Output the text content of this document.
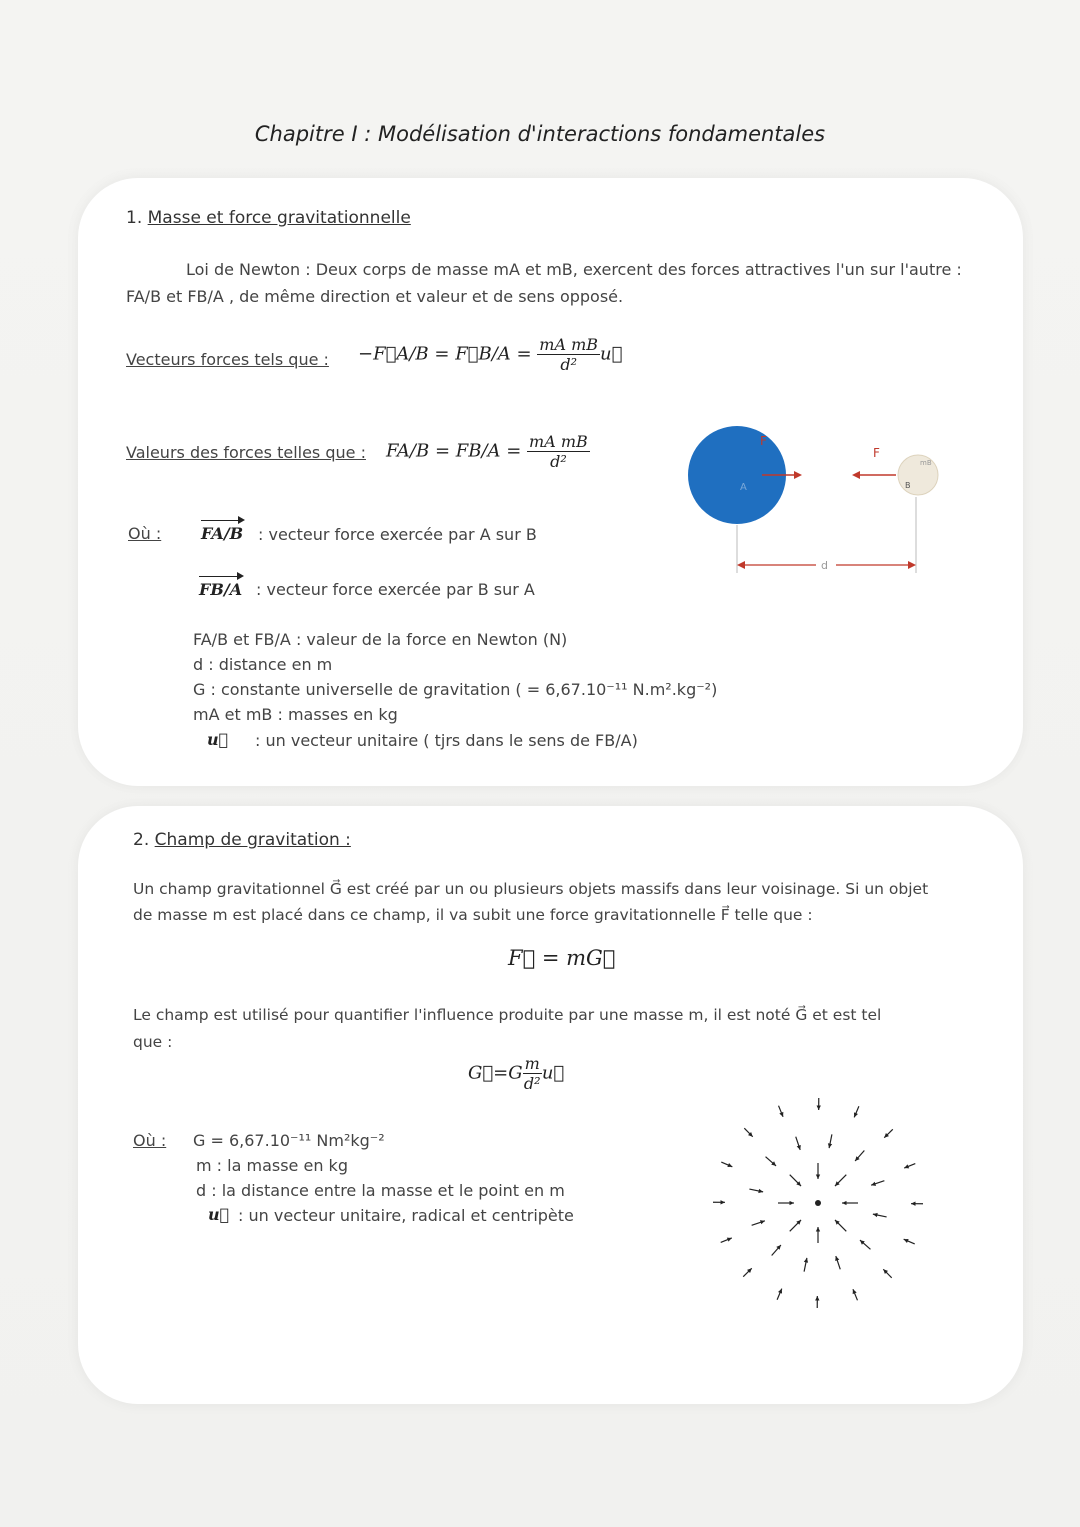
Chapitre I : Modélisation d'interactions fondamentales
1. Masse et force gravitationnelle
Loi de Newton : Deux corps de masse mA et mB, exercent des forces attractives l'un sur l'autre :
FA/B et FB/A , de même direction et valeur et de sens opposé.
Vecteurs forces tels que : −F⃗A/B = F⃗B/A = $\frac{\text{mA mB}}{\text{d²}}$ u⃗
Valeurs des forces telles que : $FA/B = FB/A = \frac{\text{mA mB}}{\text{d²}}$
Où : FA/B : vecteur force exercée par A sur B
FB/A : vecteur force exercée par B sur A
FA/B et FB/A : valeur de la force en Newton (N)
d : distance en m
G : constante universelle de gravitation ( = 6,67.10⁻¹¹ N.m².kg⁻²)
mA et mB : masses en kg
u⃗ : un vecteur unitaire ( tjrs dans le sens de FB/A)
A
F
B
mB
F
d
2. Champ de gravitation :
Un champ gravitationnel G⃗ est créé par un ou plusieurs objets massifs dans leur voisinage. Si un objet
de masse m est placé dans ce champ, il va subit une force gravitationnelle F⃗ telle que :
F⃗ = mG⃗
Le champ est utilisé pour quantifier l'influence produite par une masse m, il est noté G⃗ et est tel
que :
G⃗=G $\frac{m}{\text{d²}}$ u⃗
Où : G = 6,67.10⁻¹¹ Nm²kg⁻²
m : la masse en kg
d : la distance entre la masse et le point en m
u⃗ : un vecteur unitaire, radical et centripète
